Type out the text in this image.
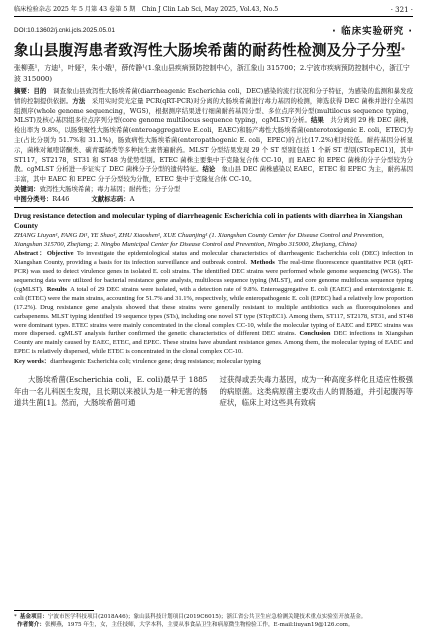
临床检验杂志 2025 年 5 月第 43 卷第 5 期　Chin J Clin Lab Sci, May 2025, Vol.43, No.5	· 321 ·
DOI:10.13602/j.cnki.jcls.2025.05.01	· 临床实验研究 ·
象山县腹泻患者致泻性大肠埃希菌的耐药性检测及分子分型*
张柳燕¹，方迪¹，叶娅²，朱小娥¹，薛传静¹(1.象山县疾病预防控制中心，浙江象山 315700；2.宁波市疾病预防控制中心，浙江宁波 315000)
摘要：目的  调查象山县致泻性大肠埃希菌(diarrheagenic Escherichia coli，DEC)感染的流行状况和分子特征，为感染的监测和暴发疫情的控制提供依据。方法  采用实时荧光定量 PCR(qRT-PCR)对分离的大肠埃希菌进行毒力基因的检测，筛选获得 DEC 菌株并进行全基因组测序(whole genome sequencing，WGS)，根据测序结果进行细菌耐药基因分型、多位点序列分型(multilocus sequence typing，MLST)及核心基因组多位点序列分型(core genome multilocus sequence typing，cgMLST)分析。结果  共分离到 29 株 DEC 菌株，检出率为 9.8%，以肠集聚性大肠埃希菌(enteroaggregative E.coli，EAEC)和肠产毒性大肠埃希菌(enterotoxigenic E. coli，ETEC)为主(占比分别为 51.7%和 31.1%)，肠致病性大肠埃希菌(enteropathogenic E. coli，EPEC)的占比(17.2%)相对较低。耐药基因分析显示，菌株对氟喹诺酮类、碳青霉烯类等多种抗生素普遍耐药。MLST 分型结果发现 29 个 ST 型别[包括 1 个新 ST 型别(STcpEC1)]，其中 ST117，ST2178，ST31 和 ST48 为优势型别。ETEC 菌株主要集中于克隆复合体 CC-10，而 EAEC 和 EPEC 菌株的分子分型较为分散。cgMLST 分析进一步证实了 DEC 菌株分子分型的遗传特征。结论  象山县 DEC 菌株感染以 EAEC，ETEC 和 EPEC 为主，耐药基因丰富，其中 EAEC 和 EPEC 分子分型较为分散，ETEC 集中于克隆复合体 CC-10。
关键词：致泻性大肠埃希菌；毒力基因；耐药性；分子分型
中图分类号：R446	文献标志码：A
Drug resistance detection and molecular typing of diarrheagenic Escherichia coli in patients with diarrhea in Xiangshan County
ZHANG Liuyan¹, FANG Di¹, YE Shao², ZHU Xiaoshen¹, XUE Chuanjing¹ (1. Xiangshan County Center for Disease Control and Prevention, Xiangshan 315700, Zhejiang; 2. Ningbo Municipal Center for Disease Control and Prevention, Ningbo 315000, Zhejiang, China)
Abstract：Objective  To investigate the epidemiological status and molecular characteristics of diarrheagenic Escherichia coli (DEC) infection in Xiangshan County, providing a basis for its infection surveillance and outbreak control.  Methods  The real-time fluorescence quantitative PCR (qRT-PCR) was used to detect virulence genes in isolated E. coli strains. The identified DEC strains were performed whole genome sequencing (WGS). The sequencing data were utilized for bacterial resistance gene analysis, multilocus sequence typing (MLST), and core genome multilocus sequence typing (cgMLST).  Results  A total of 29 DEC strains were isolated, with a detection rate of 9.8%. Enteroaggregative E. coli (EAEC) and enterotoxigenic E. coli (ETEC) were the main strains, accounting for 51.7% and 31.1%, respectively, while enteropathogenic E. coli (EPEC) had a relatively low proportion (17.2%). Drug resistance gene analysis showed that these strains were generally resistant to multiple antibiotics such as fluoroquinolones and carbapenems. MLST typing identified 19 sequence types (STs), including one novel ST type (STcpEC1). Among them, ST117, ST2178, ST31, and ST48 were dominant types. ETEC strains were mainly concentrated in the clonal complex CC-10, while the molecular typing of EAEC and EPEC strains was more dispersed. cgMLST analysis further confirmed the genetic characteristics of different DEC strains.  Conclusion  DEC infections in Xiangshan County are mainly caused by EAEC, ETEC, and EPEC. These strains have abundant resistance genes. Among them, the molecular typing of EAEC and EPEC is relatively dispersed, while ETEC is concentrated in the clonal complex CC-10.
Key words：diarrheagenic Escherichia coli; virulence gene; drug resistance; molecular typing

大肠埃希菌(Escherichia coli，E. coli)最早于 1885 年由一名儿科医生发现，且长期以来被认为是一种无害的肠道共生菌[1]。然而，大肠埃希菌可通

过获得或丢失毒力基因，成为一种高度多样化且适应性极强的病原菌。这类病原菌主要攻击人的胃肠道，并引起腹泻等症状，临床上对这些具有致病

* 基金项目：宁波市医学科技项目(2018A46)；象山县科技计划项目(2019C6015)；浙江省公共卫生应急检测关键技术重点实验室开放基金。
作者简介：张柳燕，1975 年生，女，主任技师，大学本科，主要从事食品卫生和病原微生物检验工作，E-mail:liuyan19@126.com。
